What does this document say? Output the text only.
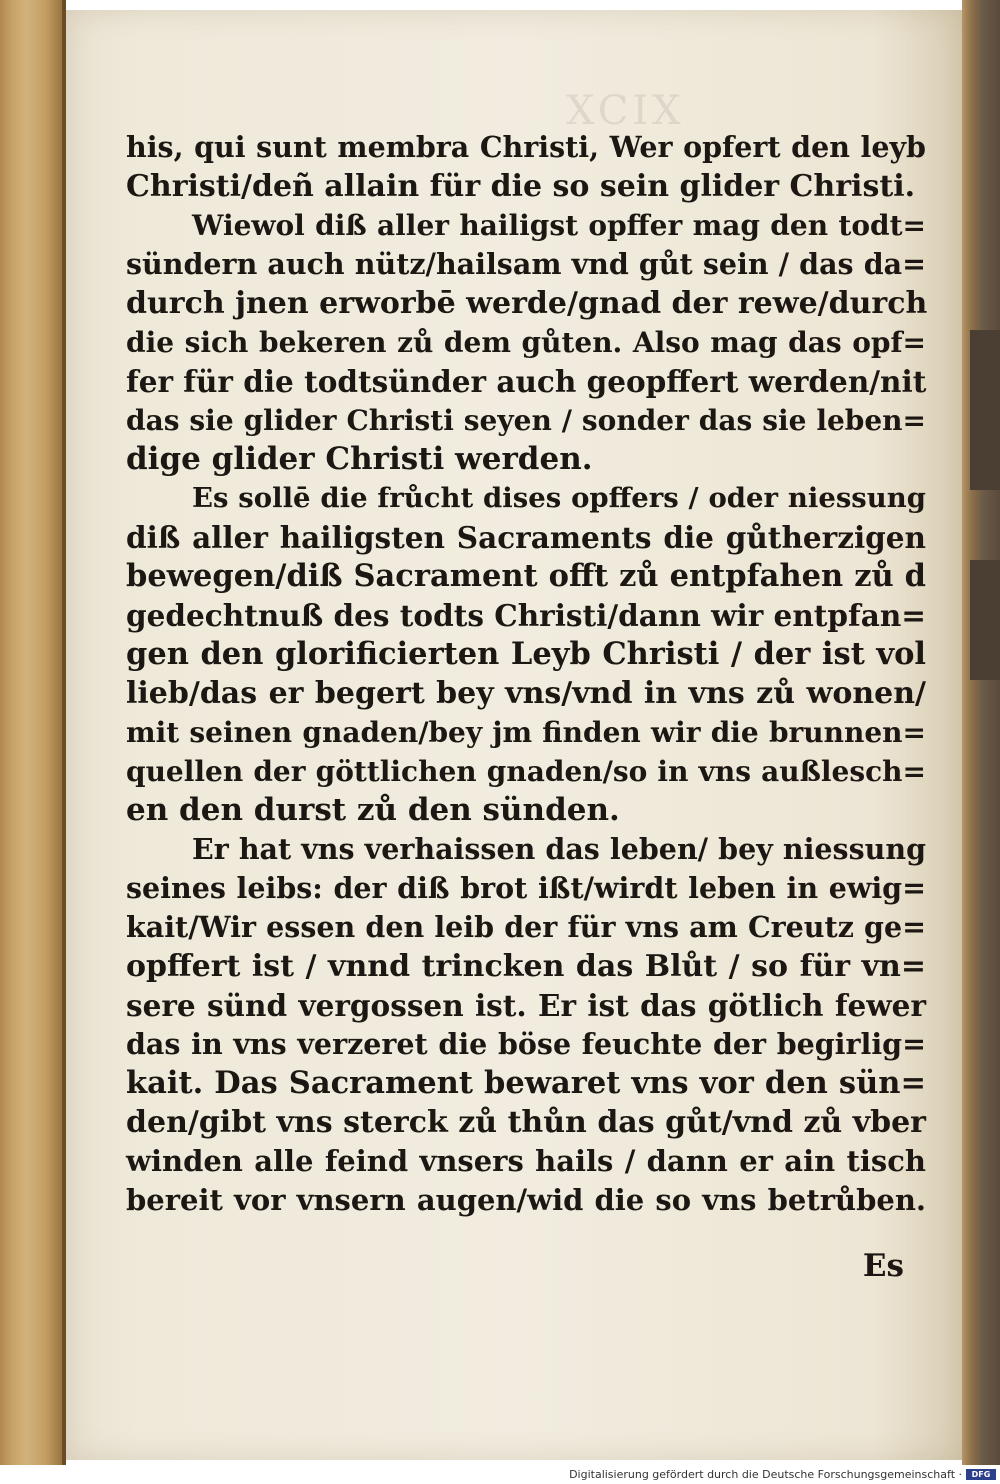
XCIX
his, qui sunt membra Christi, Wer opfert den leyb
Christi/deñ allain für die so sein glider Christi.
Wiewol diß aller hailigst opffer mag den todt=
sündern auch nütz/hailsam vnd gůt sein / das da=
durch jnen erworbē werde/gnad der rewe/durch
die sich bekeren zů dem gůten. Also mag das opf=
fer für die todtsünder auch geopffert werden/nit
das sie glider Christi seyen / sonder das sie leben=
dige glider Christi werden.
Es sollē die frůcht dises opffers / oder niessung
diß aller hailigsten Sacraments die gůtherzigen
bewegen/diß Sacrament offt zů entpfahen zů d
gedechtnuß des todts Christi/dann wir entpfan=
gen den glorificierten Leyb Christi / der ist vol
lieb/das er begert bey vns/vnd in vns zů wonen/
mit seinen gnaden/bey jm finden wir die brunnen=
quellen der göttlichen gnaden/so in vns außlesch=
en den durst zů den sünden.
Er hat vns verhaissen das leben/ bey niessung
seines leibs: der diß brot ißt/wirdt leben in ewig=
kait/Wir essen den leib der für vns am Creutz ge=
opffert ist / vnnd trincken das Blůt / so für vn=
sere sünd vergossen ist. Er ist das götlich fewer
das in vns verzeret die böse feuchte der begirlig=
kait. Das Sacrament bewaret vns vor den sün=
den/gibt vns sterck zů thůn das gůt/vnd zů vber
winden alle feind vnsers hails / dann er ain tisch
bereit vor vnsern augen/wid die so vns betrůben.
Es
Digitalisierung gefördert durch die Deutsche Forschungsgemeinschaft ·	DFG
